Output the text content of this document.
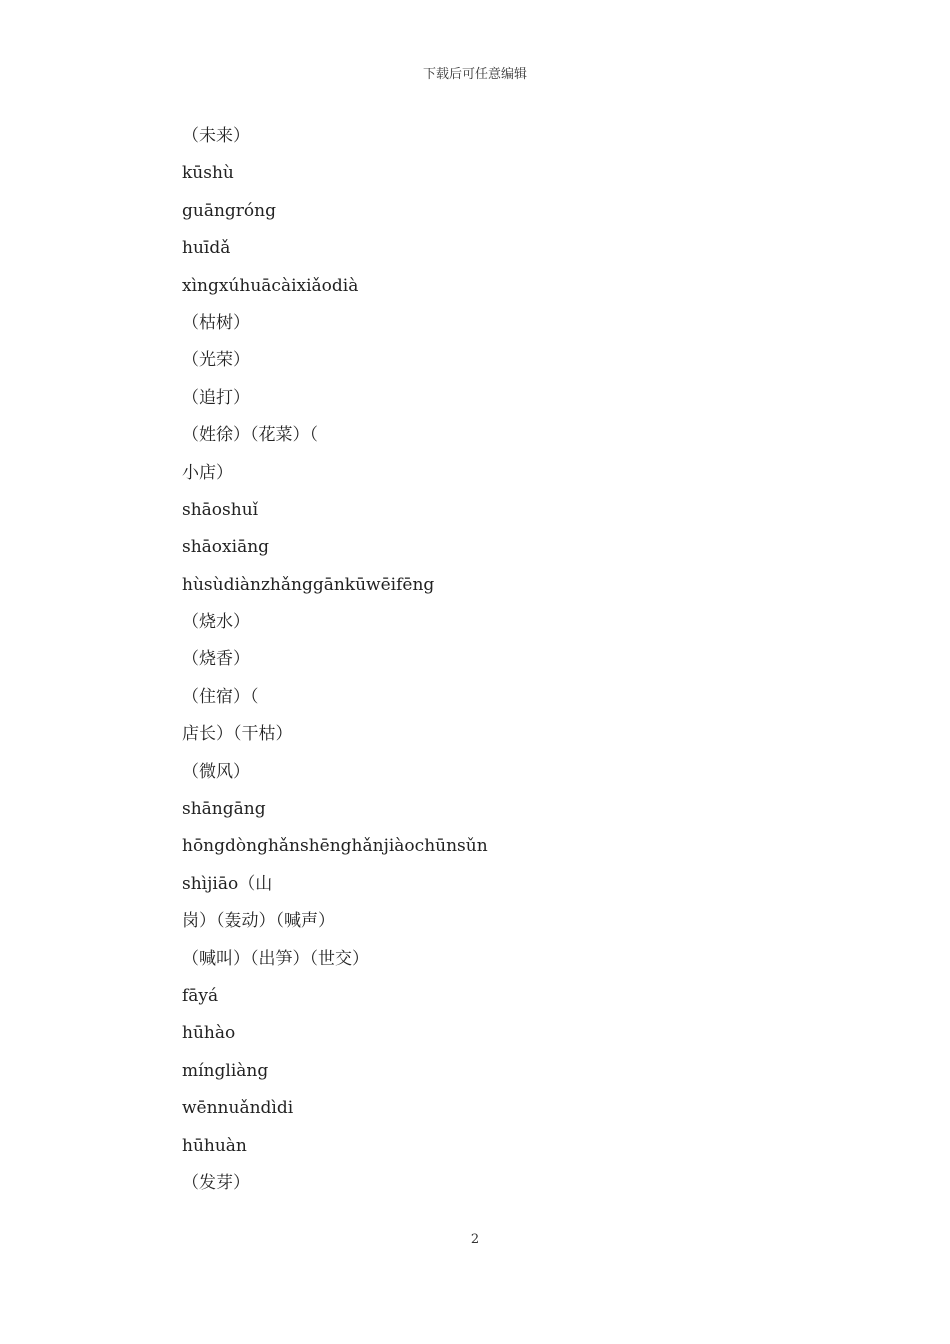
下载后可任意编辑
（未来）
kūshù
guāngróng
huīdǎ
xìngxúhuācàixiǎodià
（枯树）
（光荣）
（追打）
（姓徐）（花菜）（
小店）
shāoshuǐ
shāoxiāng
hùsùdiànzhǎnggānkūwēifēng
（烧水）
（烧香）
（住宿）（
店长）（干枯）
（微风）
shāngāng
hōngdònghǎnshēnghǎnjiàochūnsǔn
shìjiāo（山
岗）（轰动）（喊声）
（喊叫）（出笋）（世交）
fāyá
hūhào
míngliàng
wēnnuǎndìdi
hūhuàn
（发芽）
2
